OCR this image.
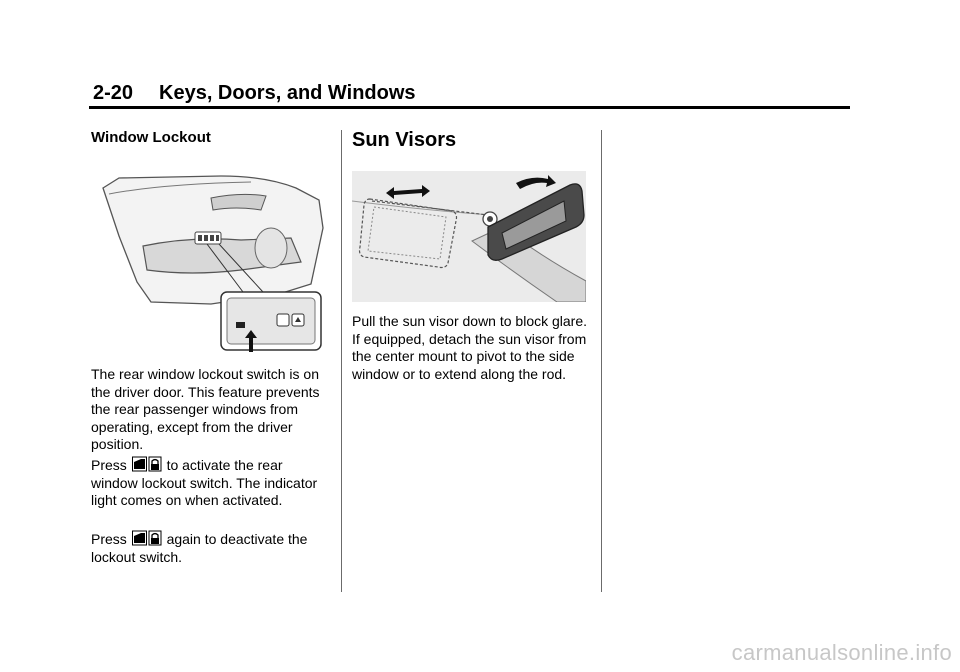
2-20 Keys, Doors, and Windows
Window Lockout

The rear window lockout switch is on the driver door. This feature prevents the rear passenger windows from operating, except from the driver position.

Press	to activate the rear window lockout switch. The indicator light comes on when activated.

Press	again to deactivate the lockout switch.

Sun Visors

Pull the sun visor down to block glare. If equipped, detach the sun visor from the center mount to pivot to the side window or to extend along the rod.

carmanualsonline.info
